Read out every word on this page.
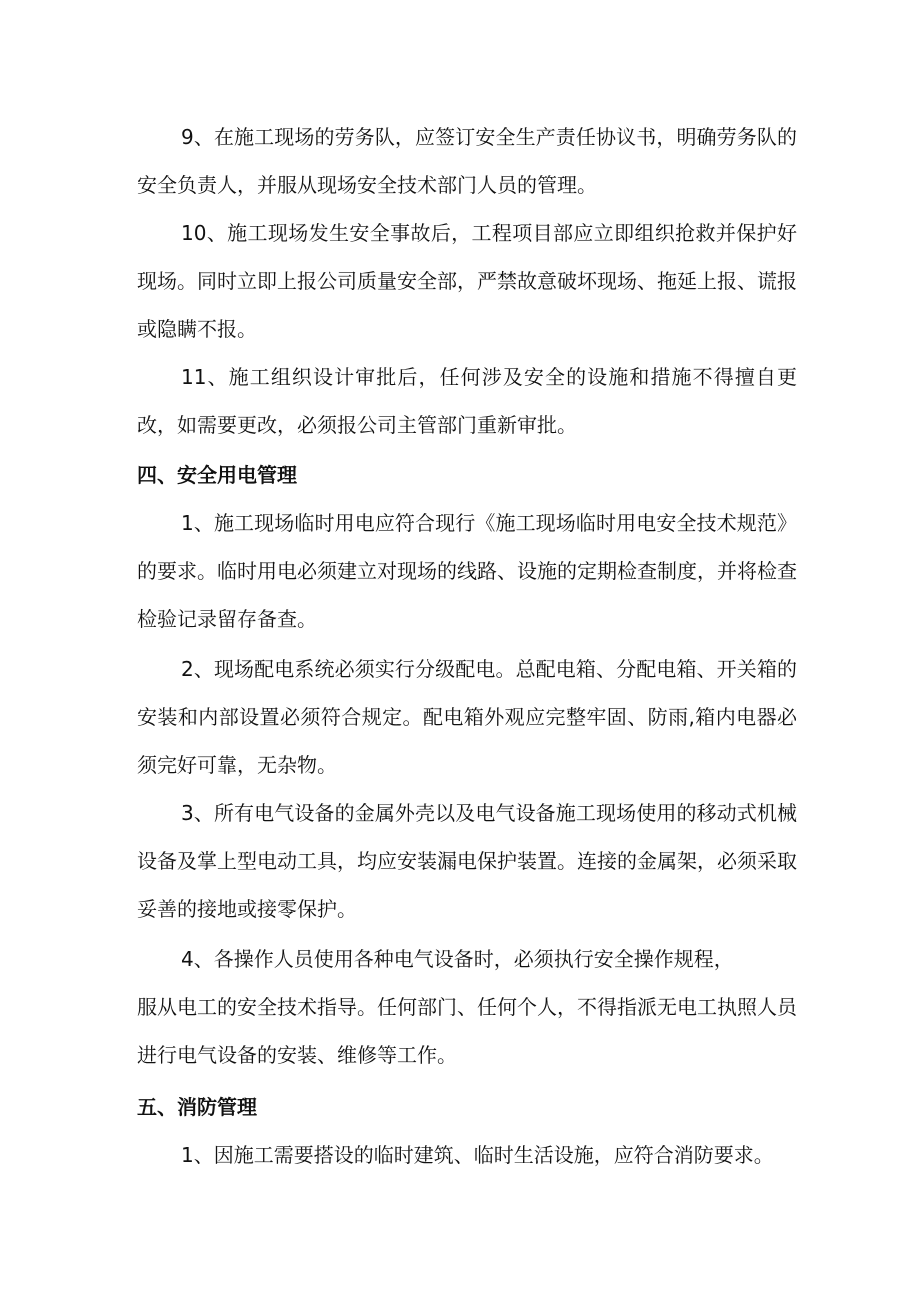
9、在施工现场的劳务队，应签订安全生产责任协议书，明确劳务队的安全负责人，并服从现场安全技术部门人员的管理。

10、施工现场发生安全事故后，工程项目部应立即组织抢救并保护好现场。同时立即上报公司质量安全部，严禁故意破坏现场、拖延上报、谎报或隐瞒不报。

11、施工组织设计审批后，任何涉及安全的设施和措施不得擅自更改，如需要更改，必须报公司主管部门重新审批。

四、安全用电管理

1、施工现场临时用电应符合现行《施工现场临时用电安全技术规范》的要求。临时用电必须建立对现场的线路、设施的定期检查制度，并将检查检验记录留存备查。

2、现场配电系统必须实行分级配电。总配电箱、分配电箱、开关箱的安装和内部设置必须符合规定。配电箱外观应完整牢固、防雨,箱内电器必须完好可靠，无杂物。

3、所有电气设备的金属外壳以及电气设备施工现场使用的移动式机械设备及掌上型电动工具，均应安装漏电保护装置。连接的金属架，必须采取妥善的接地或接零保护。

4、各操作人员使用各种电气设备时，必须执行安全操作规程，

服从电工的安全技术指导。任何部门、任何个人，不得指派无电工执照人员进行电气设备的安装、维修等工作。

五、消防管理

1、因施工需要搭设的临时建筑、临时生活设施，应符合消防要求。
